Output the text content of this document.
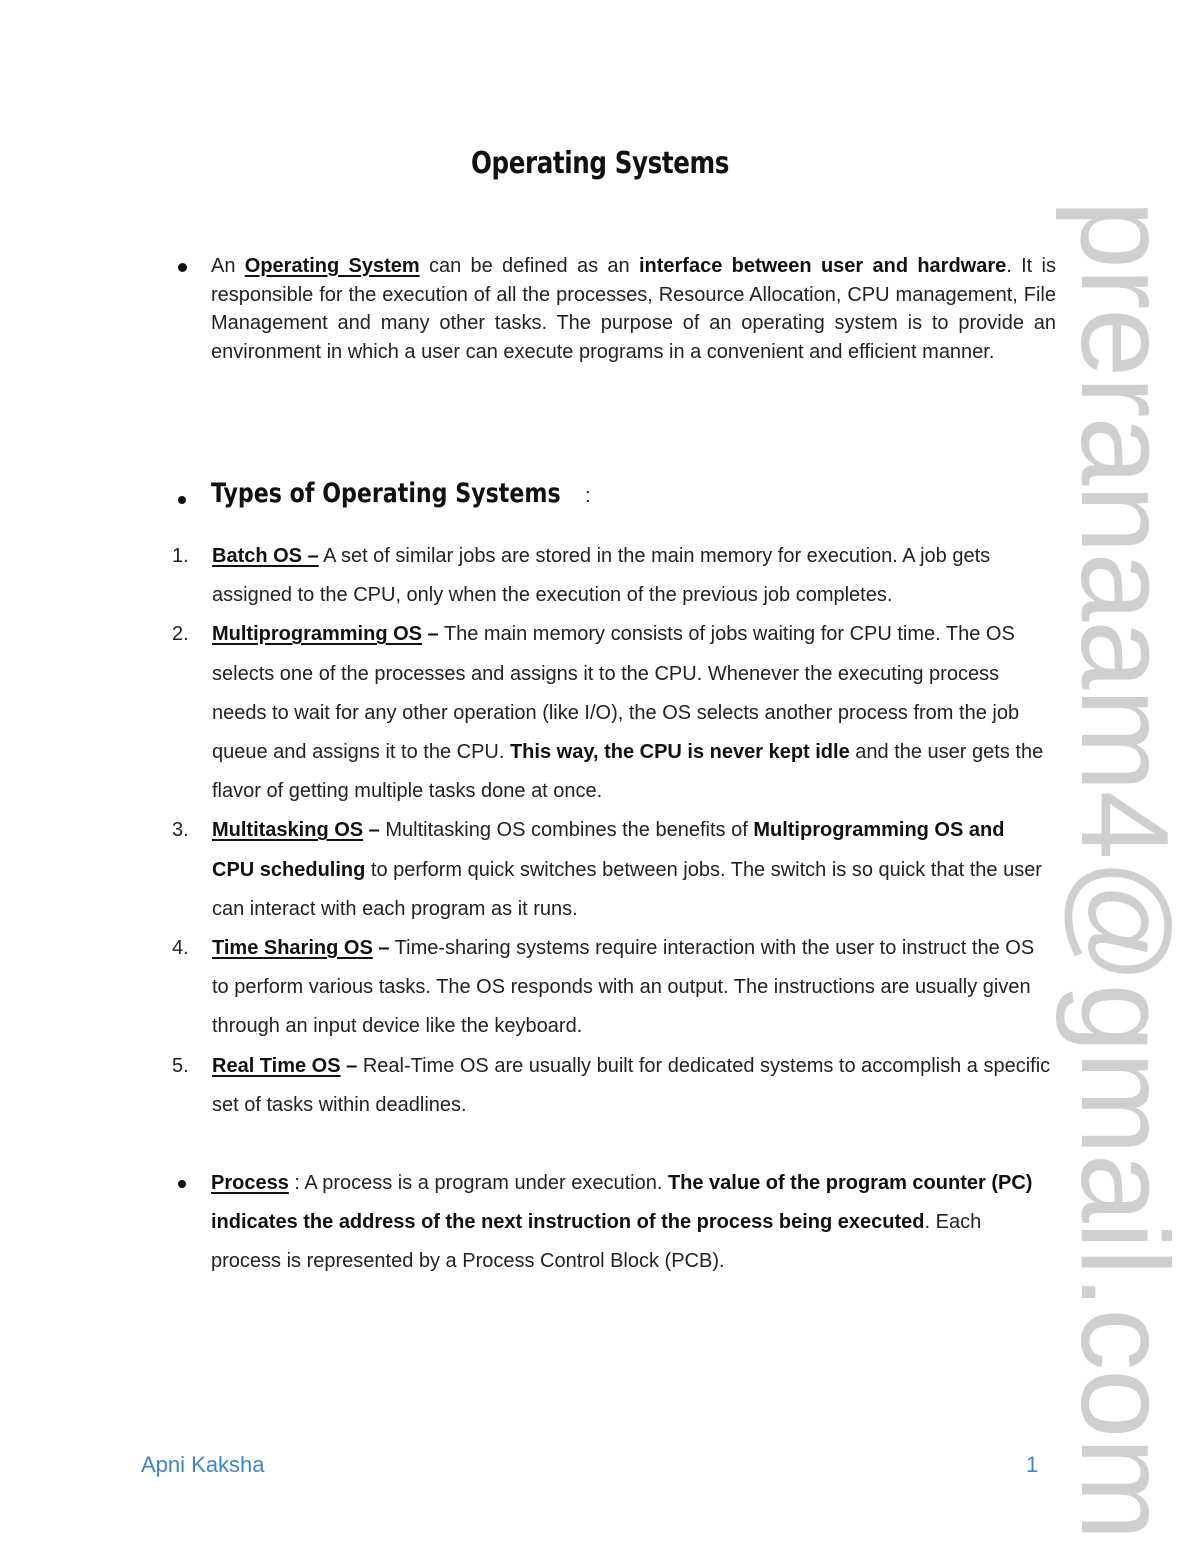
preranaam4@gmail.com
Operating Systems
An Operating System can be defined as an interface between user and hardware. It is responsible for the execution of all the processes, Resource Allocation, CPU management, File Management and many other tasks. The purpose of an operating system is to provide an environment in which a user can execute programs in a convenient and efficient manner.
Types of Operating Systems :
1. Batch OS – A set of similar jobs are stored in the main memory for execution. A job gets assigned to the CPU, only when the execution of the previous job completes.
2. Multiprogramming OS – The main memory consists of jobs waiting for CPU time. The OS selects one of the processes and assigns it to the CPU. Whenever the executing process needs to wait for any other operation (like I/O), the OS selects another process from the job queue and assigns it to the CPU. This way, the CPU is never kept idle and the user gets the flavor of getting multiple tasks done at once.
3. Multitasking OS – Multitasking OS combines the benefits of Multiprogramming OS and CPU scheduling to perform quick switches between jobs. The switch is so quick that the user can interact with each program as it runs.
4. Time Sharing OS – Time-sharing systems require interaction with the user to instruct the OS to perform various tasks. The OS responds with an output. The instructions are usually given through an input device like the keyboard.
5. Real Time OS – Real-Time OS are usually built for dedicated systems to accomplish a specific set of tasks within deadlines.
Process : A process is a program under execution. The value of the program counter (PC) indicates the address of the next instruction of the process being executed. Each process is represented by a Process Control Block (PCB).
Apni Kaksha	1
